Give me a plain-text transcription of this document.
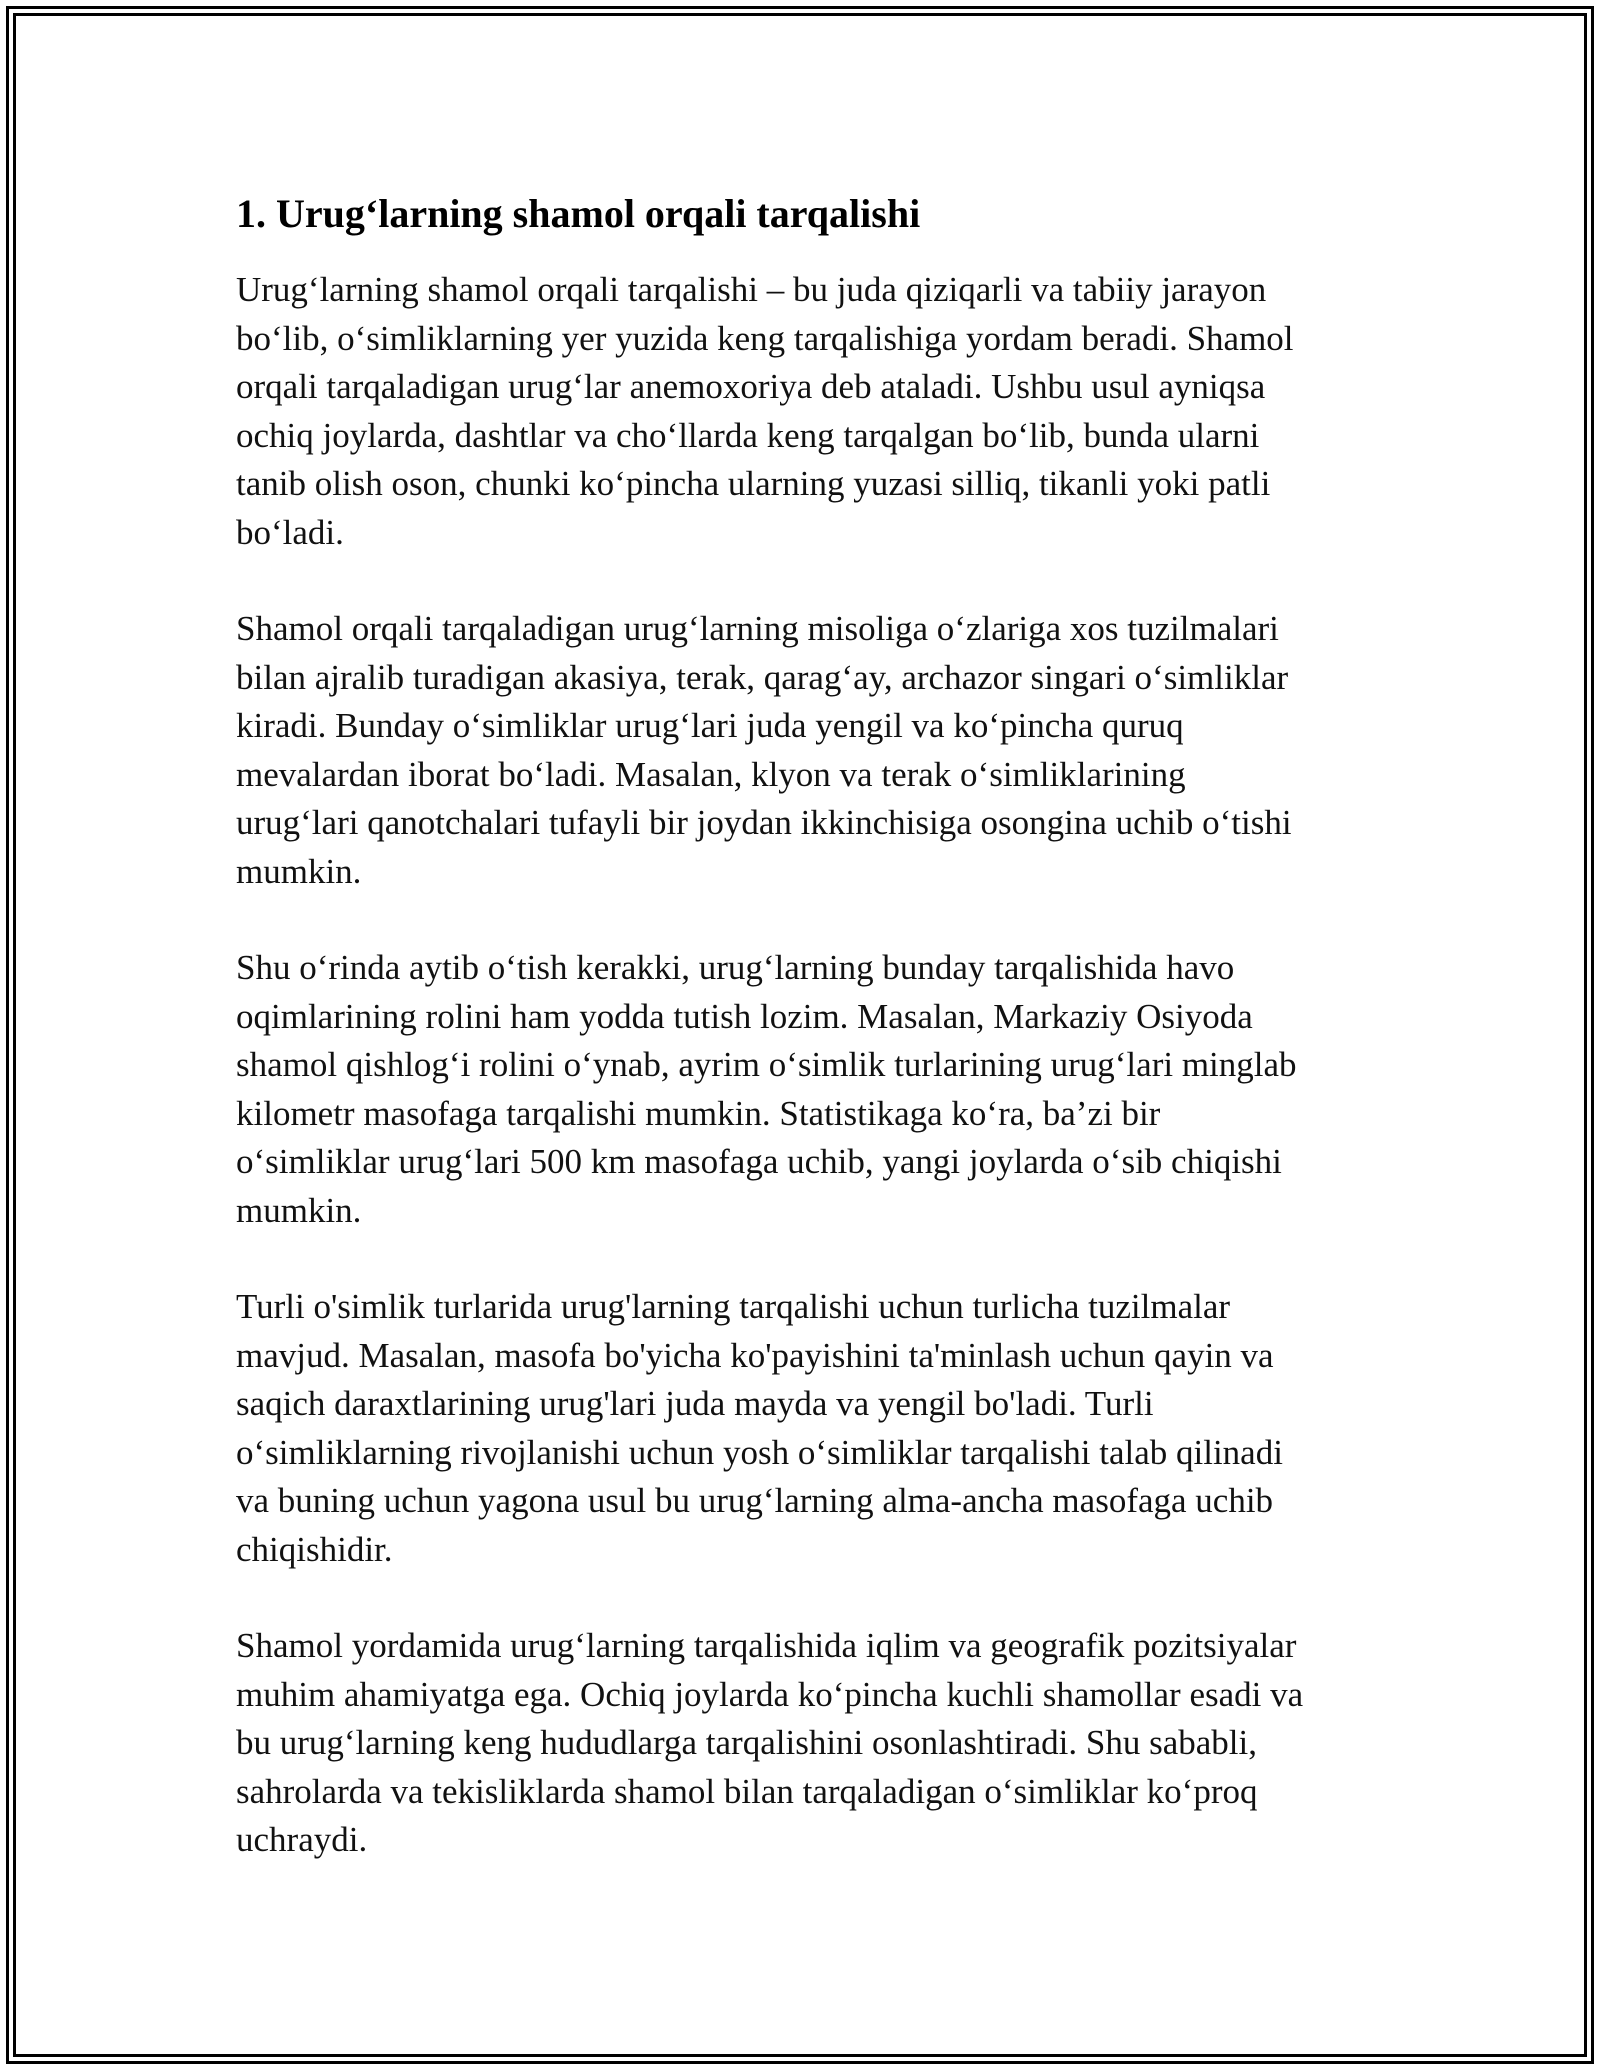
1. Urug‘larning shamol orqali tarqalishi

Urug‘larning shamol orqali tarqalishi – bu juda qiziqarli va tabiiy jarayon
bo‘lib, o‘simliklarning yer yuzida keng tarqalishiga yordam beradi. Shamol
orqali tarqaladigan urug‘lar anemoxoriya deb ataladi. Ushbu usul ayniqsa
ochiq joylarda, dashtlar va cho‘llarda keng tarqalgan bo‘lib, bunda ularni
tanib olish oson, chunki ko‘pincha ularning yuzasi silliq, tikanli yoki patli
bo‘ladi.

Shamol orqali tarqaladigan urug‘larning misoliga o‘zlariga xos tuzilmalari
bilan ajralib turadigan akasiya, terak, qarag‘ay, archazor singari o‘simliklar
kiradi. Bunday o‘simliklar urug‘lari juda yengil va ko‘pincha quruq
mevalardan iborat bo‘ladi. Masalan, klyon va terak o‘simliklarining
urug‘lari qanotchalari tufayli bir joydan ikkinchisiga osongina uchib o‘tishi
mumkin.

Shu o‘rinda aytib o‘tish kerakki, urug‘larning bunday tarqalishida havo
oqimlarining rolini ham yodda tutish lozim. Masalan, Markaziy Osiyoda
shamol qishlog‘i rolini o‘ynab, ayrim o‘simlik turlarining urug‘lari minglab
kilometr masofaga tarqalishi mumkin. Statistikaga ko‘ra, ba’zi bir
o‘simliklar urug‘lari 500 km masofaga uchib, yangi joylarda o‘sib chiqishi
mumkin.

Turli o'simlik turlarida urug'larning tarqalishi uchun turlicha tuzilmalar
mavjud. Masalan, masofa bo'yicha ko'payishini ta'minlash uchun qayin va
saqich daraxtlarining urug'lari juda mayda va yengil bo'ladi. Turli
o‘simliklarning rivojlanishi uchun yosh o‘simliklar tarqalishi talab qilinadi
va buning uchun yagona usul bu urug‘larning alma-ancha masofaga uchib
chiqishidir.

Shamol yordamida urug‘larning tarqalishida iqlim va geografik pozitsiyalar
muhim ahamiyatga ega. Ochiq joylarda ko‘pincha kuchli shamollar esadi va
bu urug‘larning keng hududlarga tarqalishini osonlashtiradi. Shu sababli,
sahrolarda va tekisliklarda shamol bilan tarqaladigan o‘simliklar ko‘proq
uchraydi.
